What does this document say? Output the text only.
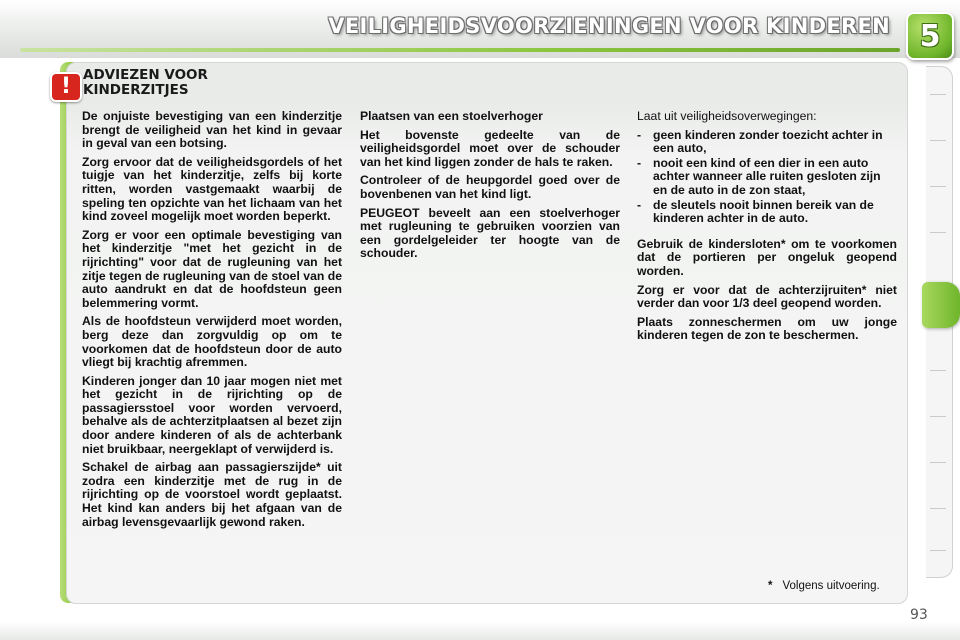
VEILIGHEIDSVOORZIENINGEN VOOR KINDEREN 5
! ADVIEZEN VOOR
KINDERZITJES

De onjuiste bevestiging van een kinderzitje brengt de veiligheid van het kind in gevaar in geval van een botsing.

Zorg ervoor dat de veiligheidsgordels of het tuigje van het kinderzitje, zelfs bij korte ritten, worden vastgemaakt waarbij de speling ten opzichte van het lichaam van het kind zoveel mogelijk moet worden beperkt.

Zorg er voor een optimale bevestiging van het kinderzitje "met het gezicht in de rijrichting" voor dat de rugleuning van het zitje tegen de rugleuning van de stoel van de auto aandrukt en dat de hoofdsteun geen belemmering vormt.

Als de hoofdsteun verwijderd moet worden, berg deze dan zorgvuldig op om te voorkomen dat de hoofdsteun door de auto vliegt bij krachtig afremmen.

Kinderen jonger dan 10 jaar mogen niet met het gezicht in de rijrichting op de passagiersstoel voor worden vervoerd, behalve als de achterzitplaatsen al bezet zijn door andere kinderen of als de achterbank niet bruikbaar, neergeklapt of verwijderd is.

Schakel de airbag aan passagierszijde* uit zodra een kinderzitje met de rug in de rijrichting op de voorstoel wordt geplaatst. Het kind kan anders bij het afgaan van de airbag levensgevaarlijk gewond raken.

Plaatsen van een stoelverhoger

Het bovenste gedeelte van de veiligheidsgordel moet over de schouder van het kind liggen zonder de hals te raken.

Controleer of de heupgordel goed over de bovenbenen van het kind ligt.

PEUGEOT beveelt aan een stoelverhoger met rugleuning te gebruiken voorzien van een gordelgeleider ter hoogte van de schouder.

Laat uit veiligheidsoverwegingen:

- geen kinderen zonder toezicht achter in een auto,
- nooit een kind of een dier in een auto achter wanneer alle ruiten gesloten zijn en de auto in de zon staat,
- de sleutels nooit binnen bereik van de kinderen achter in de auto.

Gebruik de kindersloten* om te voorkomen dat de portieren per ongeluk geopend worden.

Zorg er voor dat de achterzijruiten* niet verder dan voor 1/3 deel geopend worden.

Plaats zonneschermen om uw jonge kinderen tegen de zon te beschermen.

* Volgens uitvoering.
93
